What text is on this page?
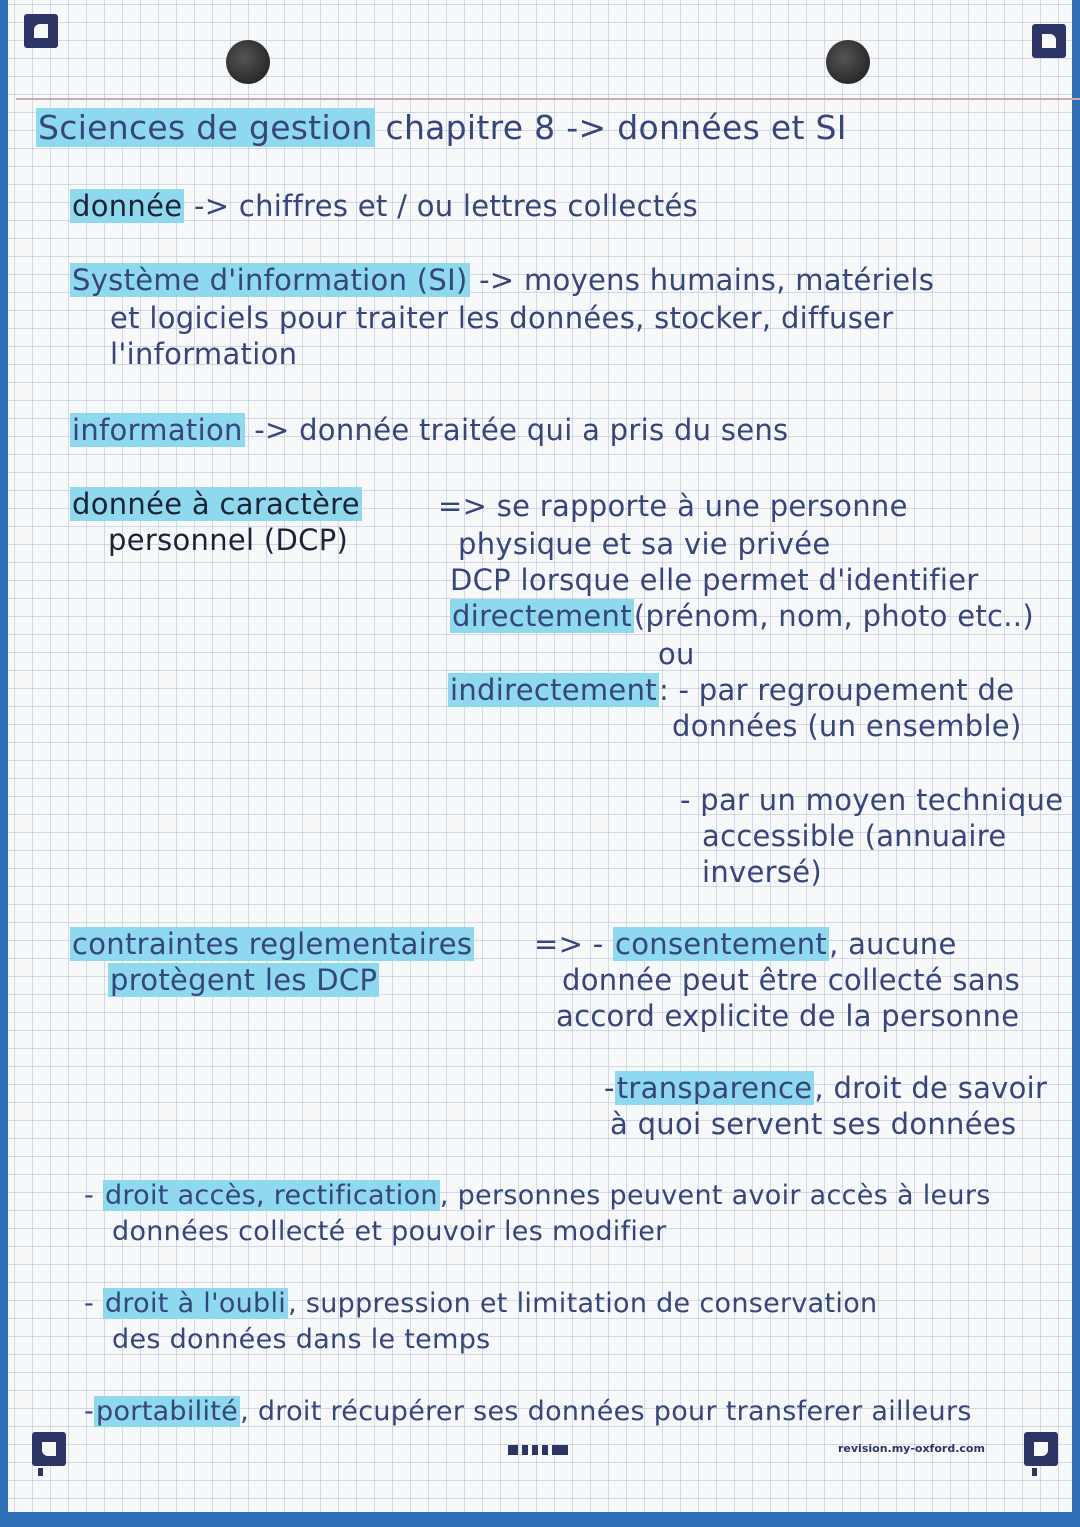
Sciences de gestion chapitre 8 -> données et SI

donnée -> chiffres et / ou lettres collectés

Système d'information (SI) -> moyens humains, matériels

et logiciels pour traiter les données, stocker, diffuser

l'information

information -> donnée traitée qui a pris du sens

donnée à caractère

personnel (DCP)

=> se rapporte à une personne

physique et sa vie privée

DCP lorsque elle permet d'identifier

directement(prénom, nom, photo etc..)

ou

indirectement: - par regroupement de

données (un ensemble)

- par un moyen technique

accessible (annuaire

inversé)

contraintes reglementaires

protègent les DCP

=> - consentement, aucune

donnée peut être collecté sans

accord explicite de la personne

-transparence, droit de savoir

à quoi servent ses données

- droit accès, rectification, personnes peuvent avoir accès à leurs

données collecté et pouvoir les modifier

- droit à l'oubli, suppression et limitation de conservation

des données dans le temps

-portabilité, droit récupérer ses données pour transferer ailleurs

revision.my-oxford.com
